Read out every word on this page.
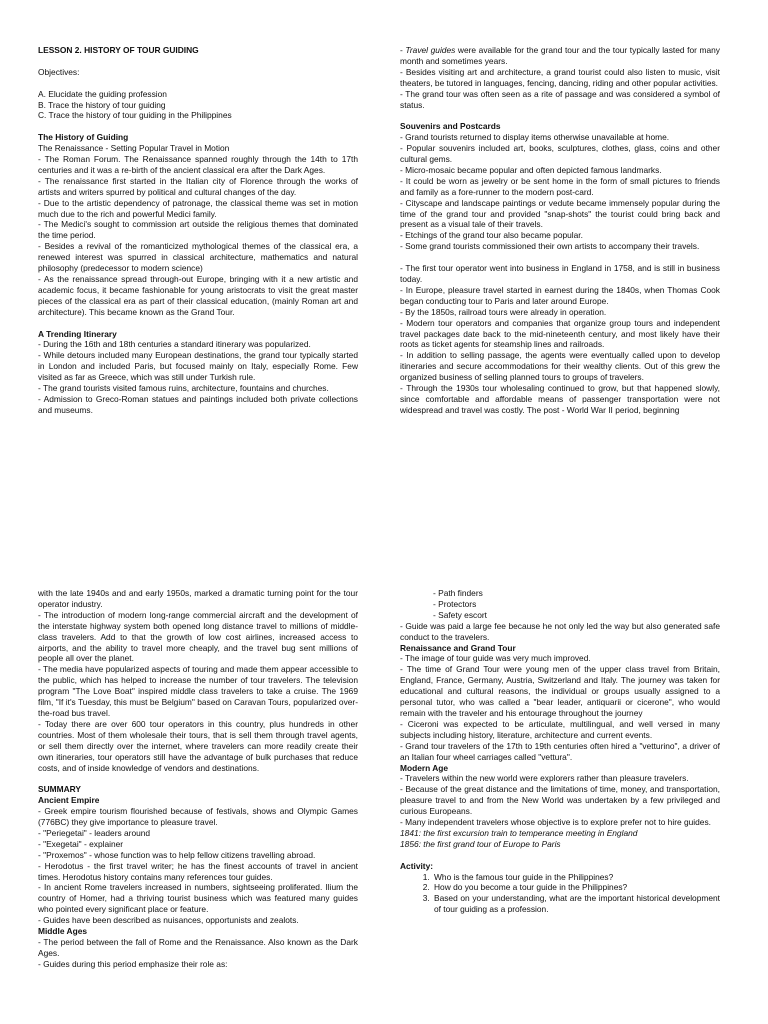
LESSON 2. HISTORY OF TOUR GUIDING

Objectives:

A. Elucidate the guiding profession

B. Trace the history of tour guiding

C. Trace the history of tour guiding in the Philippines

The History of Guiding

The Renaissance - Setting Popular Travel in Motion

- The Roman Forum. The Renaissance spanned roughly through the 14th to 17th centuries and it was a re-birth of the ancient classical era after the Dark Ages.

- The renaissance first started in the Italian city of Florence through the works of artists and writers spurred by political and cultural changes of the day.

- Due to the artistic dependency of patronage, the classical theme was set in motion much due to the rich and powerful Medici family.

- The Medici's sought to commission art outside the religious themes that dominated the time period.

- Besides a revival of the romanticized mythological themes of the classical era, a renewed interest was spurred in classical architecture, mathematics and natural philosophy (predecessor to modern science)

- As the renaissance spread through-out Europe, bringing with it a new artistic and academic focus, it became fashionable for young aristocrats to visit the great master pieces of the classical era as part of their classical education, (mainly Roman art and architecture). This became known as the Grand Tour.

A Trending Itinerary

- During the 16th and 18th centuries a standard itinerary was popularized.

- While detours included many European destinations, the grand tour typically started in London and included Paris, but focused mainly on Italy, especially Rome. Few visited as far as Greece, which was still under Turkish rule.

- The grand tourists visited famous ruins, architecture, fountains and churches.

- Admission to Greco-Roman statues and paintings included both private collections and museums.

- Travel guides were available for the grand tour and the tour typically lasted for many month and sometimes years.

- Besides visiting art and architecture, a grand tourist could also listen to music, visit theaters, be tutored in languages, fencing, dancing, riding and other popular activities.

- The grand tour was often seen as a rite of passage and was considered a symbol of status.

Souvenirs and Postcards

- Grand tourists returned to display items otherwise unavailable at home.

- Popular souvenirs included art, books, sculptures, clothes, glass, coins and other cultural gems.

- Micro-mosaic became popular and often depicted famous landmarks.

- It could be worn as jewelry or be sent home in the form of small pictures to friends and family as a fore-runner to the modern post-card.

- Cityscape and landscape paintings or vedute became immensely popular during the time of the grand tour and provided "snap-shots" the tourist could bring back and present as a visual tale of their travels.

- Etchings of the grand tour also became popular.

- Some grand tourists commissioned their own artists to accompany their travels.

- The first tour operator went into business in England in 1758, and is still in business today.

- In Europe, pleasure travel started in earnest during the 1840s, when Thomas Cook began conducting tour to Paris and later around Europe.

- By the 1850s, railroad tours were already in operation.

- Modern tour operators and companies that organize group tours and independent travel packages date back to the mid-nineteenth century, and most likely have their roots as ticket agents for steamship lines and railroads.

- In addition to selling passage, the agents were eventually called upon to develop itineraries and secure accommodations for their wealthy clients. Out of this grew the organized business of selling planned tours to groups of travelers.

- Through the 1930s tour wholesaling continued to grow, but that happened slowly, since comfortable and affordable means of passenger transportation were not widespread and travel was costly. The post - World War II period, beginning

with the late 1940s and and early 1950s, marked a dramatic turning point for the tour operator industry.

- The introduction of modern long-range commercial aircraft and the development of the interstate highway system both opened long distance travel to millions of middle-class travelers. Add to that the growth of low cost airlines, increased access to airports, and the ability to travel more cheaply, and the travel bug sent millions of people all over the planet.

- The media have popularized aspects of touring and made them appear accessible to the public, which has helped to increase the number of tour travelers. The television program "The Love Boat" inspired middle class travelers to take a cruise. The 1969 film, "If it's Tuesday, this must be Belgium" based on Caravan Tours, popularized over-the-road bus travel.

- Today there are over 600 tour operators in this country, plus hundreds in other countries. Most of them wholesale their tours, that is sell them through travel agents, or sell them directly over the internet, where travelers can more readily create their own itineraries, tour operators still have the advantage of bulk purchases that reduce costs, and of inside knowledge of vendors and destinations.

SUMMARY

Ancient Empire

- Greek empire tourism flourished because of festivals, shows and Olympic Games (776BC) they give importance to pleasure travel.

- "Periegetai" - leaders around

- "Exegetai" - explainer

- "Proxemos" - whose function was to help fellow citizens travelling abroad.

- Herodotus - the first travel writer; he has the finest accounts of travel in ancient times. Herodotus history contains many references tour guides.

- In ancient Rome travelers increased in numbers, sightseeing proliferated. Ilium the country of Homer, had a thriving tourist business which was featured many guides who pointed every significant place or feature.

- Guides have been described as nuisances, opportunists and zealots.

Middle Ages

- The period between the fall of Rome and the Renaissance. Also known as the Dark Ages.

- Guides during this period emphasize their role as:

- Path finders

- Protectors

- Safety escort

- Guide was paid a large fee because he not only led the way but also generated safe conduct to the travelers.

Renaissance and Grand Tour

- The image of tour guide was very much improved.

- The time of Grand Tour were young men of the upper class travel from Britain, England, France, Germany, Austria, Switzerland and Italy. The journey was taken for educational and cultural reasons, the individual or groups usually assigned to a personal tutor, who was called a "bear leader, antiquarii or cicerone", who would remain with the traveler and his entourage throughout the journey

- Ciceroni was expected to be articulate, multilingual, and well versed in many subjects including history, literature, architecture and current events.

- Grand tour travelers of the 17th to 19th centuries often hired a "vetturino", a driver of an Italian four wheel carriages called "vettura".

Modern Age

- Travelers within the new world were explorers rather than pleasure travelers.

- Because of the great distance and the limitations of time, money, and transportation, pleasure travel to and from the New World was undertaken by a few privileged and curious Europeans.

- Many independent travelers whose objective is to explore prefer not to hire guides.

1841: the first excursion train to temperance meeting in England

1856: the first grand tour of Europe to Paris

Activity:

1. Who is the famous tour guide in the Philippines?
2. How do you become a tour guide in the Philippines?
3. Based on your understanding, what are the important historical development of tour guiding as a profession.
